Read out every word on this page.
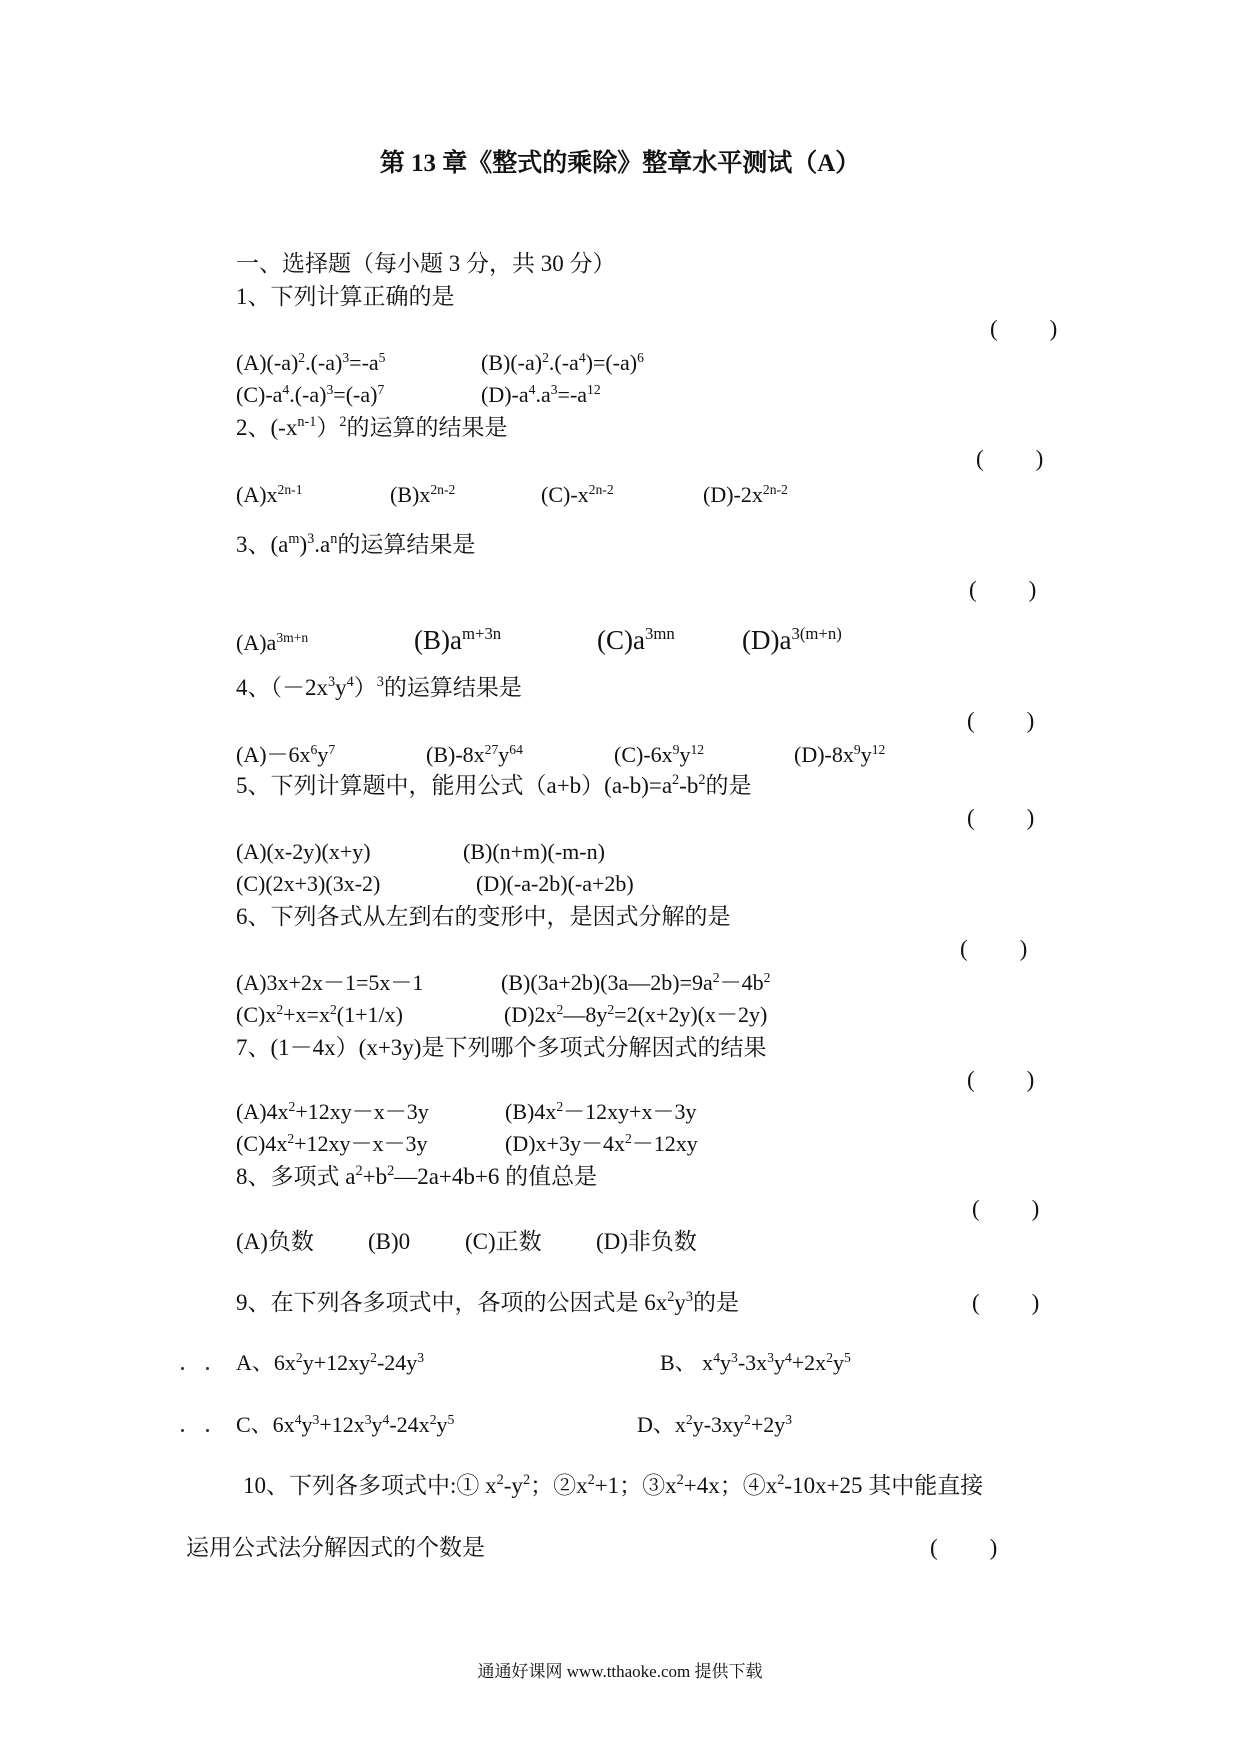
第 13 章《整式的乘除》整章水平测试（A）
一、选择题（每小题 3 分，共 30 分）
1、下列计算正确的是
(　　)
$(A)(-a)^2.(-a)^3=-a^5$	$(B)(-a)^2.(-a^4)=(-a)^6$
$(C)-a^4.(-a)^3=(-a)^7$	$(D)-a^4.a^3=-a^{12}$
2、$(-x^{n-1})^2$的运算的结果是
(　　)
$(A)x^{2n-1}$	$(B)x^{2n-2}$	$(C)-x^{2n-2}$	$(D)-2x^{2n-2}$
3、$(a^m)^3.a^n$的运算结果是
(　　)
$(A)a^{3m+n}$	$(B)a^{m+3n}$	$(C)a^{3mn}$ $(D)a^{3(m+n)}$
4、$(-2x^3y^4)^3$的运算结果是
(　　)
$(A)-6x^6y^7$	$(B)-8x^{27}y^{64}$	$(C)-6x^9y^{12}$	$(D)-8x^9y^{12}$
5、下列计算题中，能用公式$(a+b)(a-b)=a^2-b^2$的是
(　　)
(A)(x-2y)(x+y)	(B)(n+m)(-m-n)
(C)(2x+3)(3x-2)	(D)(-a-2b)(-a+2b)
6、下列各式从左到右的变形中，是因式分解的是
(　　)
(A)3x+2x－1=5x－1	$(B)(3a+2b)(3a—2b)=9a^2-4b^2$
$(C)x^2+x=x^2(1+1/x)$	$(D)2x^2—8y^2=2(x+2y)(x-2y)$
7、(1－4x）(x+3y)是下列哪个多项式分解因式的结果
(　　)
$(A)4x^2+12xy-x-3y$	$(B)4x^2-12xy+x-3y$
$(C)4x^2+12xy-x-3y$	$(D)x+3y-4x^2-12xy$
8、多项式 $a^2+b^2—2a+4b+6$ 的值总是
(　　)
(A)负数 (B)0 (C)正数 (D)非负数
9、在下列各多项式中，各项的公因式是 $6x^2y^3$的是	(　　)
A、$6x^2y+12xy^2-24y^3$	B、 $x^4y^3-3x^3y^4+2x^2y^5$
C、$6x^4y^3+12x^3y^4-24x^2y^5$	D、$x^2y-3xy^2+2y^3$
10、下列各多项式中:① $x^2-y^2$；$②x^2+1$；$③x^2+4x$；$④x^2-10x+25$ 其中能直接
运用公式法分解因式的个数是	(　　)
通通好课网 www.tthaoke.com 提供下载
